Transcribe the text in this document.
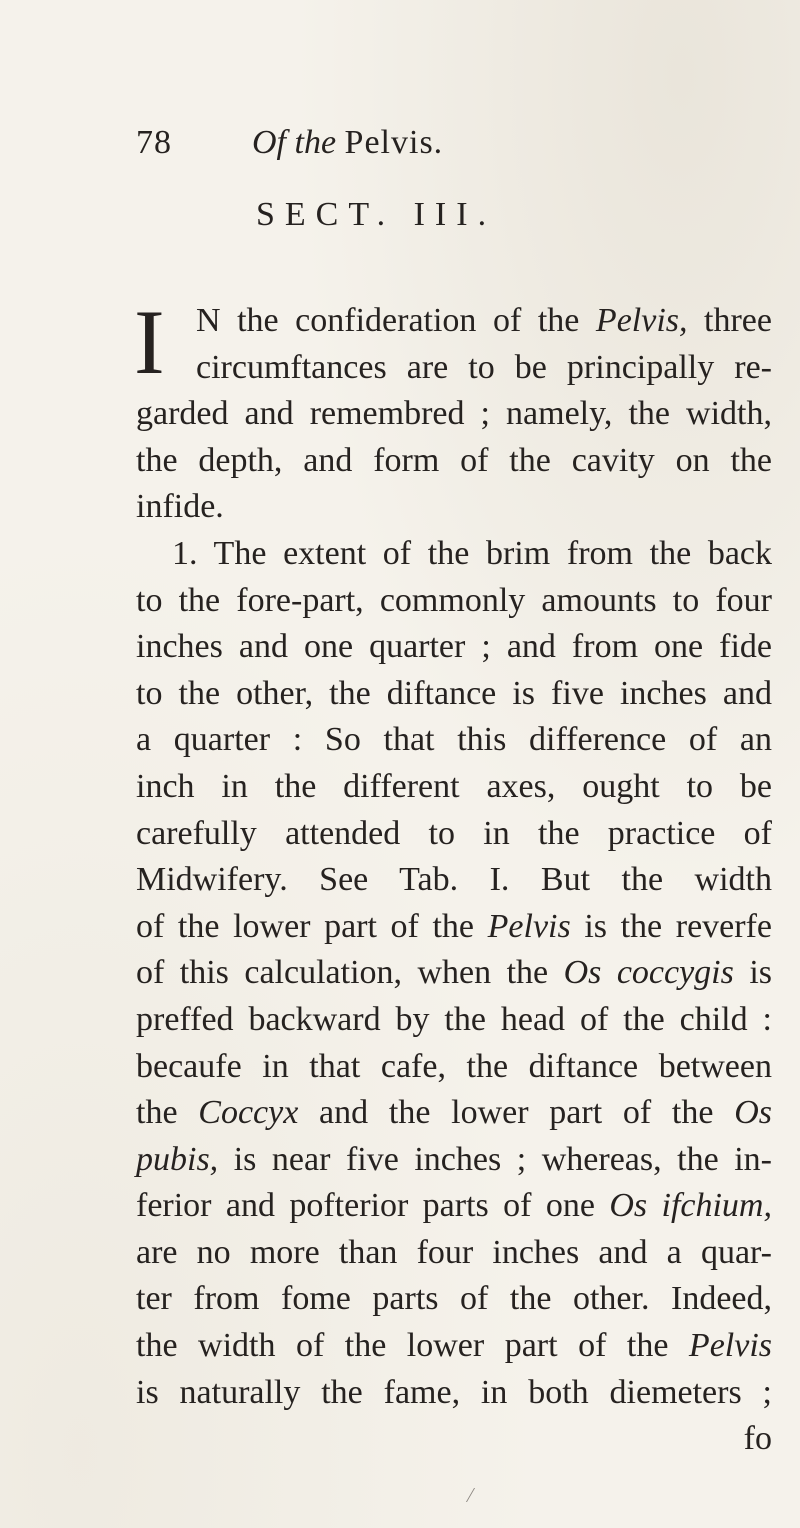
78 Of the Pelvis.
SECT. III.
I N the confideration of the Pelvis, three
circumftances are to be principally re-
garded and remembred ; namely, the width,
the depth, and form of the cavity on the
infide.
1. The extent of the brim from the back
to the fore-part, commonly amounts to four
inches and one quarter ; and from one fide
to the other, the diftance is five inches and
a quarter : So that this difference of an
inch in the different axes, ought to be
carefully attended to in the practice of
Midwifery. See Tab. I. But the width
of the lower part of the Pelvis is the reverfe
of this calculation, when the Os coccygis is
preffed backward by the head of the child :
becaufe in that cafe, the diftance between
the Coccyx and the lower part of the Os
pubis, is near five inches ; whereas, the in-
ferior and pofterior parts of one Os ifchium,
are no more than four inches and a quar-
ter from fome parts of the other. Indeed,
the width of the lower part of the Pelvis
is naturally the fame, in both diemeters ;
fo
